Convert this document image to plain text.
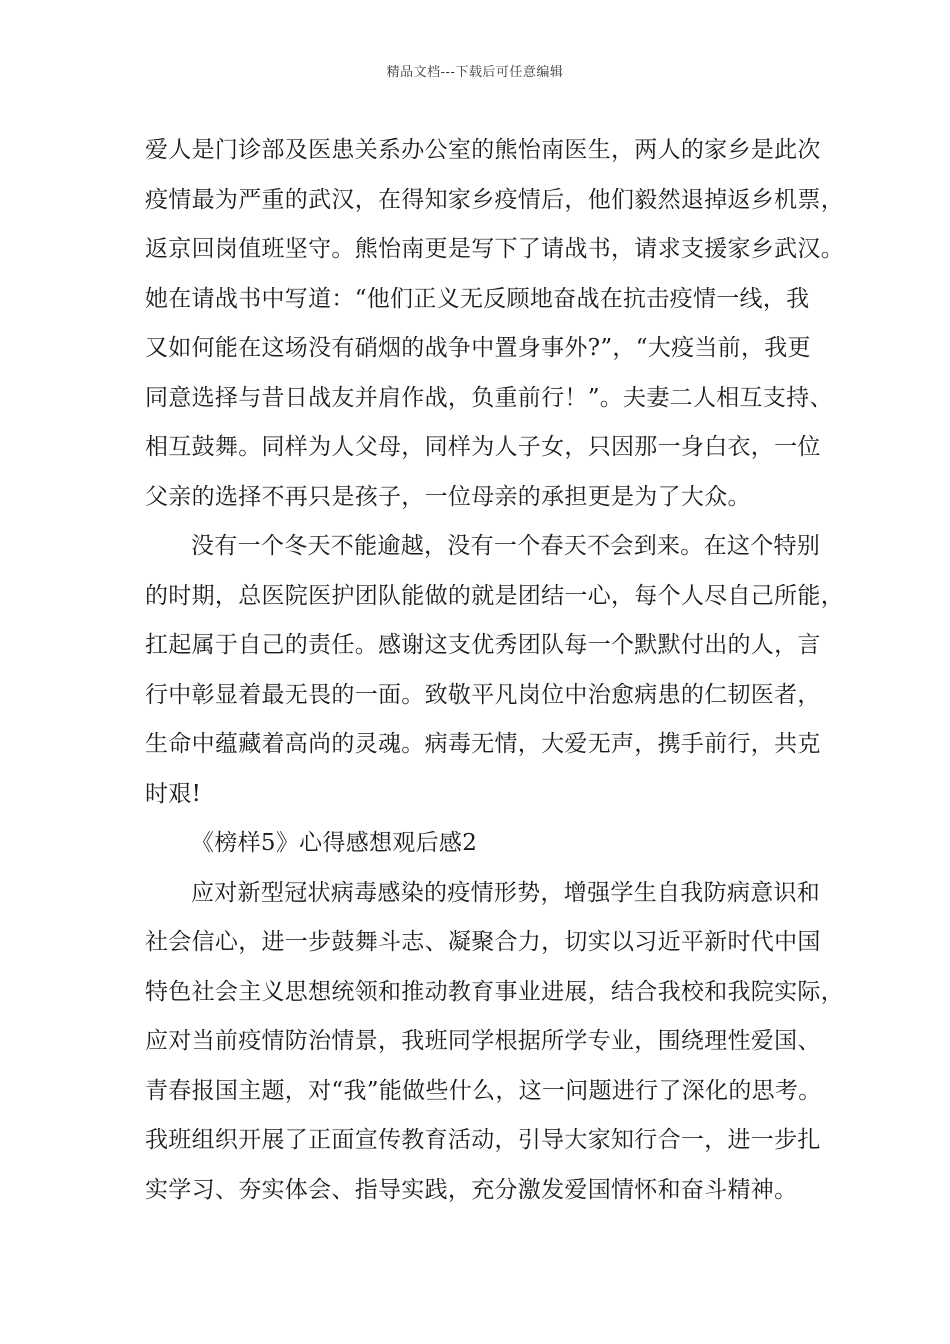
精品文档---下载后可任意编辑
爱人是门诊部及医患关系办公室的熊怡南医生，两人的家乡是此次
疫情最为严重的武汉，在得知家乡疫情后，他们毅然退掉返乡机票，
返京回岗值班坚守。熊怡南更是写下了请战书，请求支援家乡武汉。
她在请战书中写道：“他们正义无反顾地奋战在抗击疫情一线，我
又如何能在这场没有硝烟的战争中置身事外?”，“大疫当前，我更
同意选择与昔日战友并肩作战，负重前行！”。夫妻二人相互支持、
相互鼓舞。同样为人父母，同样为人子女，只因那一身白衣，一位
父亲的选择不再只是孩子，一位母亲的承担更是为了大众。
没有一个冬天不能逾越，没有一个春天不会到来。在这个特别
的时期，总医院医护团队能做的就是团结一心，每个人尽自己所能，
扛起属于自己的责任。感谢这支优秀团队每一个默默付出的人，言
行中彰显着最无畏的一面。致敬平凡岗位中治愈病患的仁韧医者，
生命中蕴藏着高尚的灵魂。病毒无情，大爱无声，携手前行，共克
时艰!
《榜样5》心得感想观后感2
应对新型冠状病毒感染的疫情形势，增强学生自我防病意识和
社会信心，进一步鼓舞斗志、凝聚合力，切实以习近平新时代中国
特色社会主义思想统领和推动教育事业进展，结合我校和我院实际，
应对当前疫情防治情景，我班同学根据所学专业，围绕理性爱国、
青春报国主题，对“我”能做些什么，这一问题进行了深化的思考。
我班组织开展了正面宣传教育活动，引导大家知行合一，进一步扎
实学习、夯实体会、指导实践，充分激发爱国情怀和奋斗精神。
